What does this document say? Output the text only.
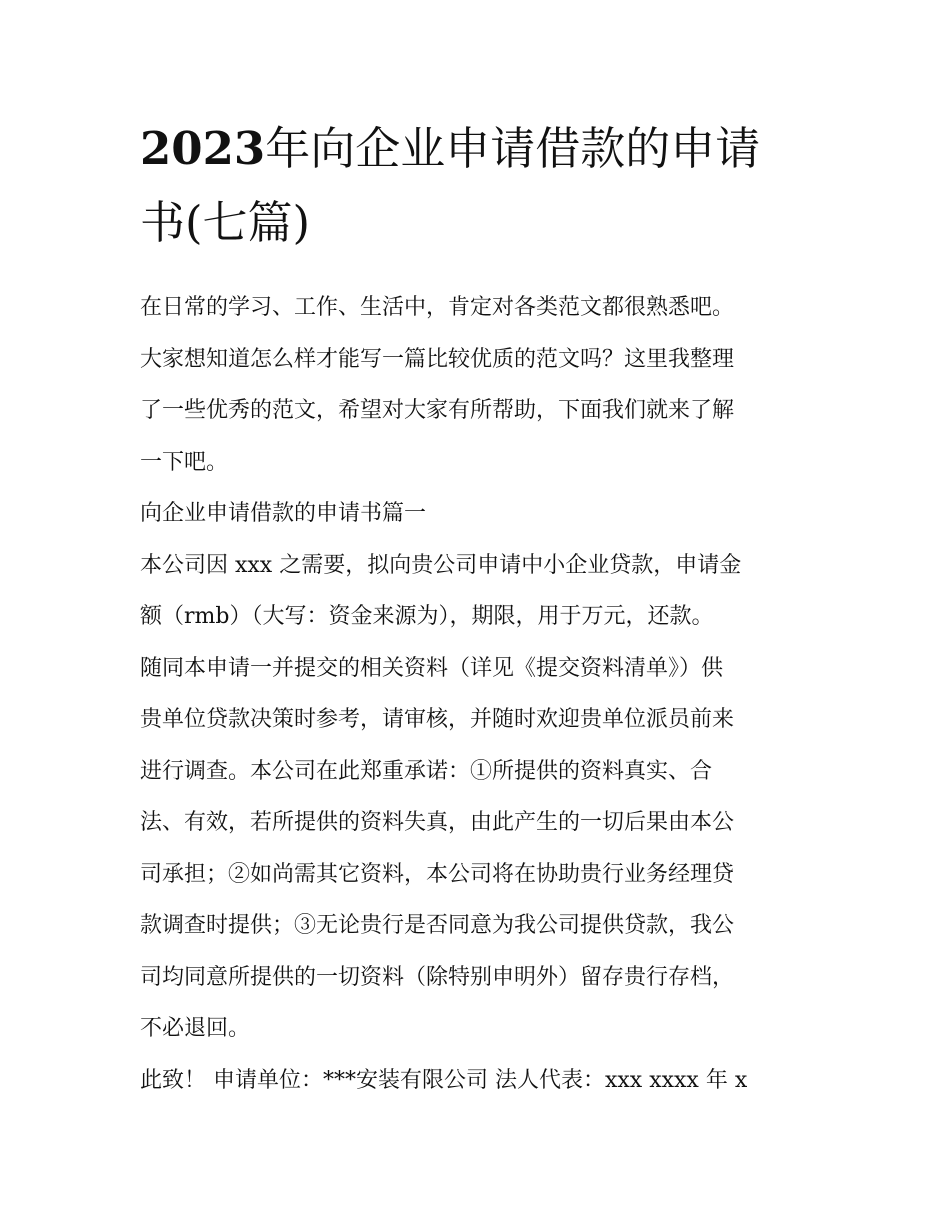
2023年向企业申请借款的申请
书(七篇)
在日常的学习、工作、生活中，肯定对各类范文都很熟悉吧。
大家想知道怎么样才能写一篇比较优质的范文吗？这里我整理
了一些优秀的范文，希望对大家有所帮助，下面我们就来了解
一下吧。
向企业申请借款的申请书篇一
本公司因 xxx 之需要，拟向贵公司申请中小企业贷款，申请金
额（rmb）（大写：资金来源为），期限，用于万元，还款。
随同本申请一并提交的相关资料（详见《提交资料清单》）供
贵单位贷款决策时参考，请审核，并随时欢迎贵单位派员前来
进行调查。本公司在此郑重承诺：①所提供的资料真实、合
法、有效，若所提供的资料失真，由此产生的一切后果由本公
司承担；②如尚需其它资料，本公司将在协助贵行业务经理贷
款调查时提供；③无论贵行是否同意为我公司提供贷款，我公
司均同意所提供的一切资料（除特别申明外）留存贵行存档，
不必退回。
此致！ 申请单位：***安装有限公司 法人代表：xxx xxxx 年 x
